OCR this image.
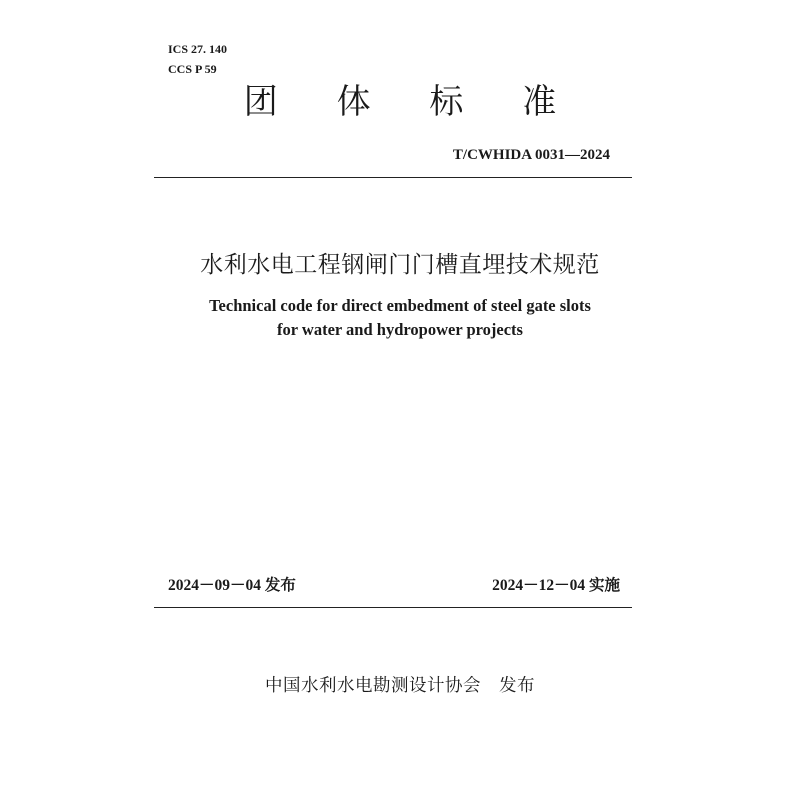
ICS 27. 140
CCS P 59
团 体 标 准
T/CWHIDA 0031—2024
水利水电工程钢闸门门槽直埋技术规范
Technical code for direct embedment of steel gate slots
for water and hydropower projects
2024－09－04 发布	2024－12－04 实施
中国水利水电勘测设计协会　发布
